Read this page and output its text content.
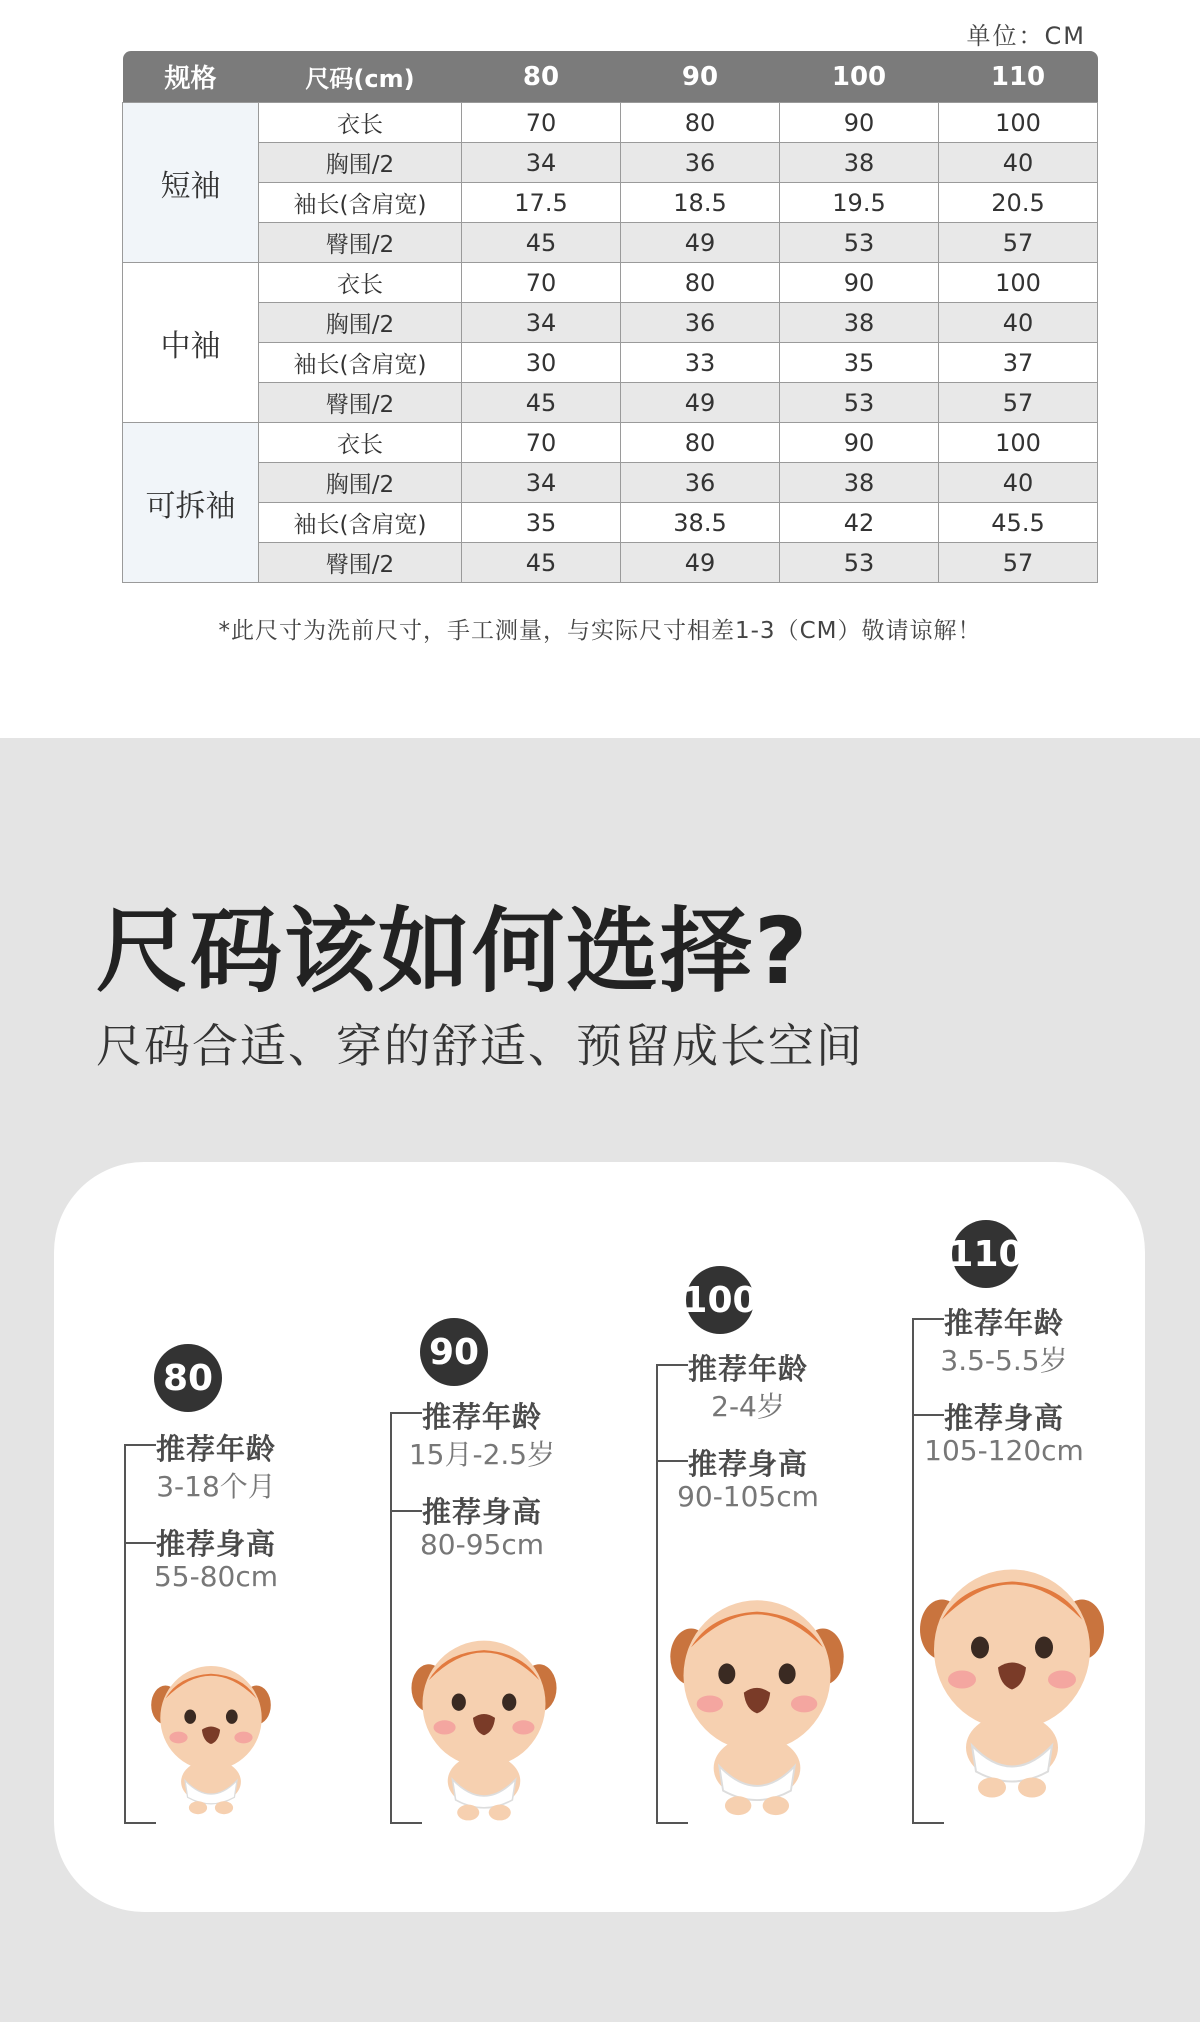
单位：CM
规格	尺码(cm)	80	90	100	110
短袖	衣长	70	80	90	100
	胸围/2	34	36	38	40
	袖长(含肩宽)	17.5	18.5	19.5	20.5
	臀围/2	45	49	53	57
中袖	衣长	70	80	90	100
	胸围/2	34	36	38	40
	袖长(含肩宽)	30	33	35	37
	臀围/2	45	49	53	57
可拆袖	衣长	70	80	90	100
	胸围/2	34	36	38	40
	袖长(含肩宽)	35	38.5	42	45.5
	臀围/2	45	49	53	57
*此尺寸为洗前尺寸，手工测量，与实际尺寸相差1-3（CM）敬请谅解！
尺码该如何选择?
尺码合适、穿的舒适、预留成长空间
80
推荐年龄
3-18个月
推荐身高
55-80cm
90
推荐年龄
15月-2.5岁
推荐身高
80-95cm
100
推荐年龄
2-4岁
推荐身高
90-105cm
110
推荐年龄
3.5-5.5岁
推荐身高
105-120cm
